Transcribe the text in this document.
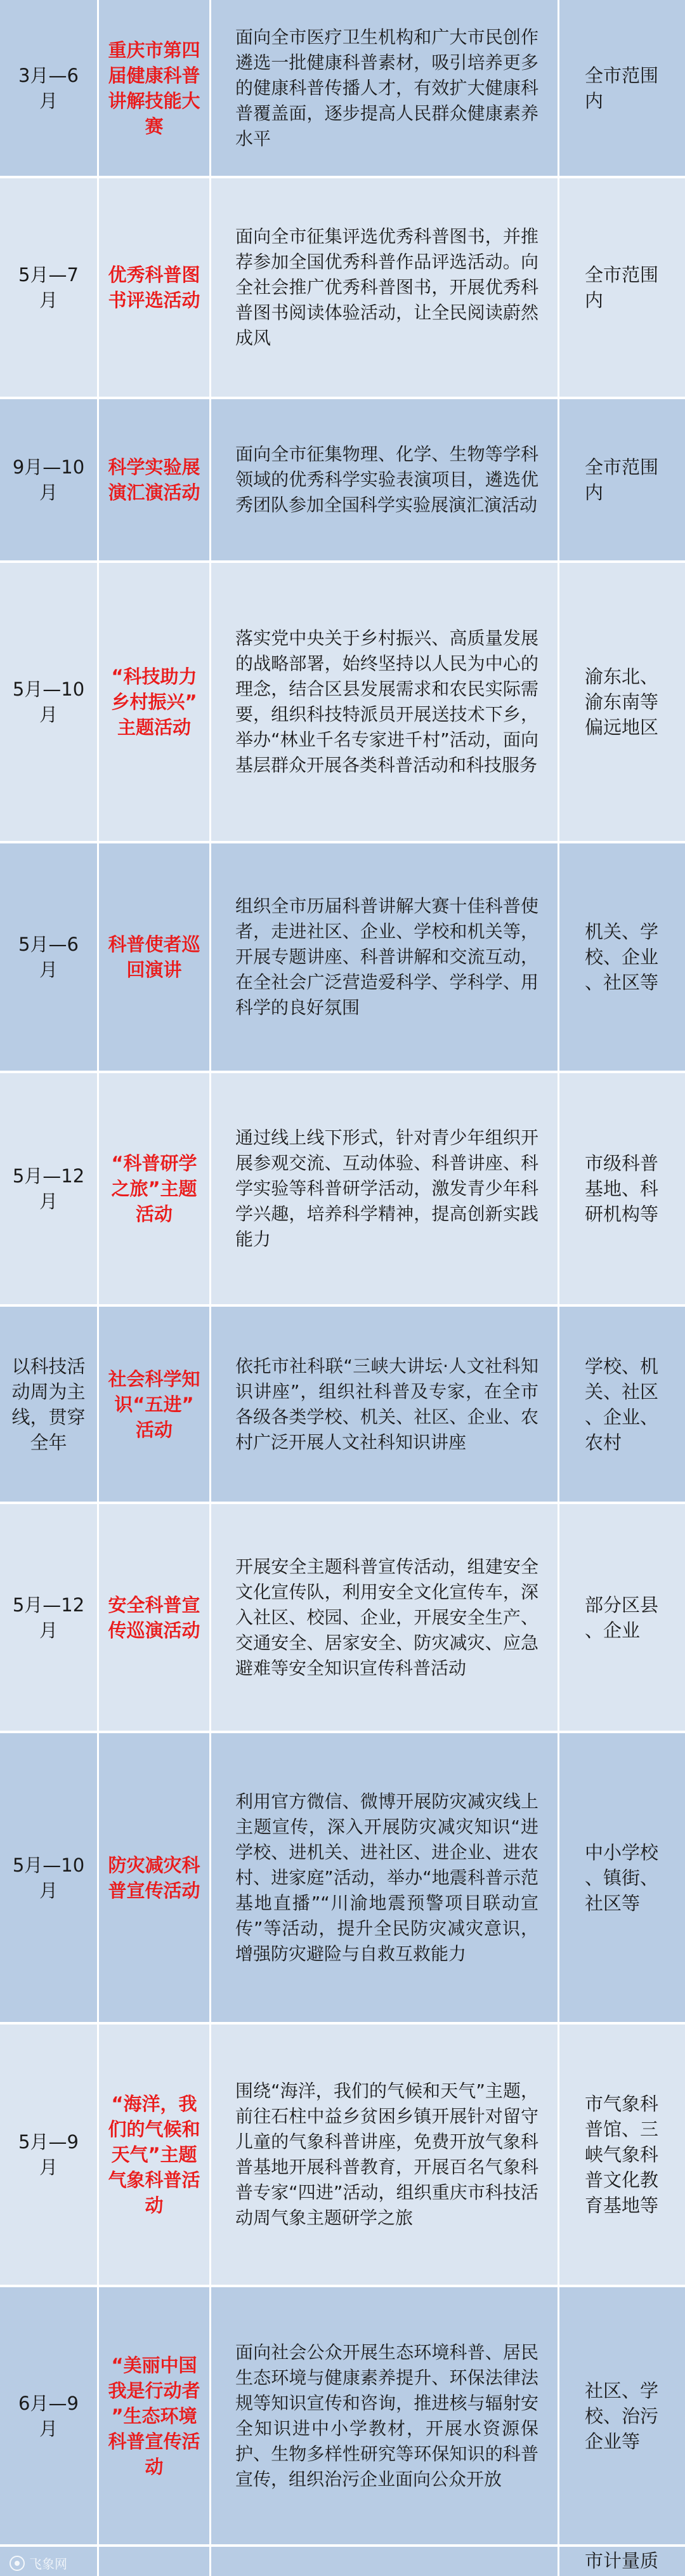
3月—6
月
重庆市第四
届健康科普
讲解技能大
赛
面向全市医疗卫生机构和广大市民创作遴选一批健康科普素材，吸引培养更多的健康科普传播人才，有效扩大健康科普覆盖面，逐步提高人民群众健康素养水平
全市范围内
5月—7
月
优秀科普图
书评选活动
面向全市征集评选优秀科普图书，并推荐参加全国优秀科普作品评选活动。向全社会推广优秀科普图书，开展优秀科普图书阅读体验活动，让全民阅读蔚然成风
全市范围内
9月—10
月
科学实验展
演汇演活动
面向全市征集物理、化学、生物等学科领域的优秀科学实验表演项目，遴选优秀团队参加全国科学实验展演汇演活动
全市范围内
5月—10
月
“科技助力
乡村振兴”
主题活动
落实党中央关于乡村振兴、高质量发展的战略部署，始终坚持以人民为中心的理念，结合区县发展需求和农民实际需要，组织科技特派员开展送技术下乡，举办“林业千名专家进千村”活动，面向基层群众开展各类科普活动和科技服务
渝东北、
渝东南等
偏远地区
5月—6
月
科普使者巡
回演讲
组织全市历届科普讲解大赛十佳科普使者，走进社区、企业、学校和机关等，开展专题讲座、科普讲解和交流互动，在全社会广泛营造爱科学、学科学、用科学的良好氛围
机关、学
校、企业
、社区等
5月—12
月
“科普研学
之旅”主题
活动
通过线上线下形式，针对青少年组织开展参观交流、互动体验、科普讲座、科学实验等科普研学活动，激发青少年科学兴趣，培养科学精神，提高创新实践能力
市级科普
基地、科
研机构等
以科技活
动周为主
线，贯穿
全年
社会科学知
识“五进”
活动
依托市社科联“三峡大讲坛·人文社科知识讲座”，组织社科普及专家，在全市各级各类学校、机关、社区、企业、农村广泛开展人文社科知识讲座
学校、机
关、社区
、企业、
农村
5月—12
月
安全科普宣
传巡演活动
开展安全主题科普宣传活动，组建安全文化宣传队，利用安全文化宣传车，深入社区、校园、企业，开展安全生产、交通安全、居家安全、防灾减灾、应急避难等安全知识宣传科普活动
部分区县
、企业
5月—10
月
防灾减灾科
普宣传活动
利用官方微信、微博开展防灾减灾线上主题宣传，深入开展防灾减灾知识“进学校、进机关、进社区、进企业、进农村、进家庭”活动，举办“地震科普示范基地直播”“川渝地震预警项目联动宣传”等活动，提升全民防灾减灾意识，增强防灾避险与自救互救能力
中小学校
、镇街、
社区等
5月—9
月
“海洋，我
们的气候和
天气”主题
气象科普活
动
围绕“海洋，我们的气候和天气”主题，前往石柱中益乡贫困乡镇开展针对留守儿童的气象科普讲座，免费开放气象科普基地开展科普教育，开展百名气象科普专家“四进”活动，组织重庆市科技活动周气象主题研学之旅
市气象科
普馆、三
峡气象科
普文化教
育基地等
6月—9
月
“美丽中国
我是行动者
”生态环境
科普宣传活
动
面向社会公众开展生态环境科普、居民生态环境与健康素养提升、环保法律法规等知识宣传和咨询，推进核与辐射安全知识进中小学教材，开展水资源保护、生物多样性研究等环保知识的科普宣传，组织治污企业面向公众开放
社区、学
校、治污
企业等
市计量质
飞象网
